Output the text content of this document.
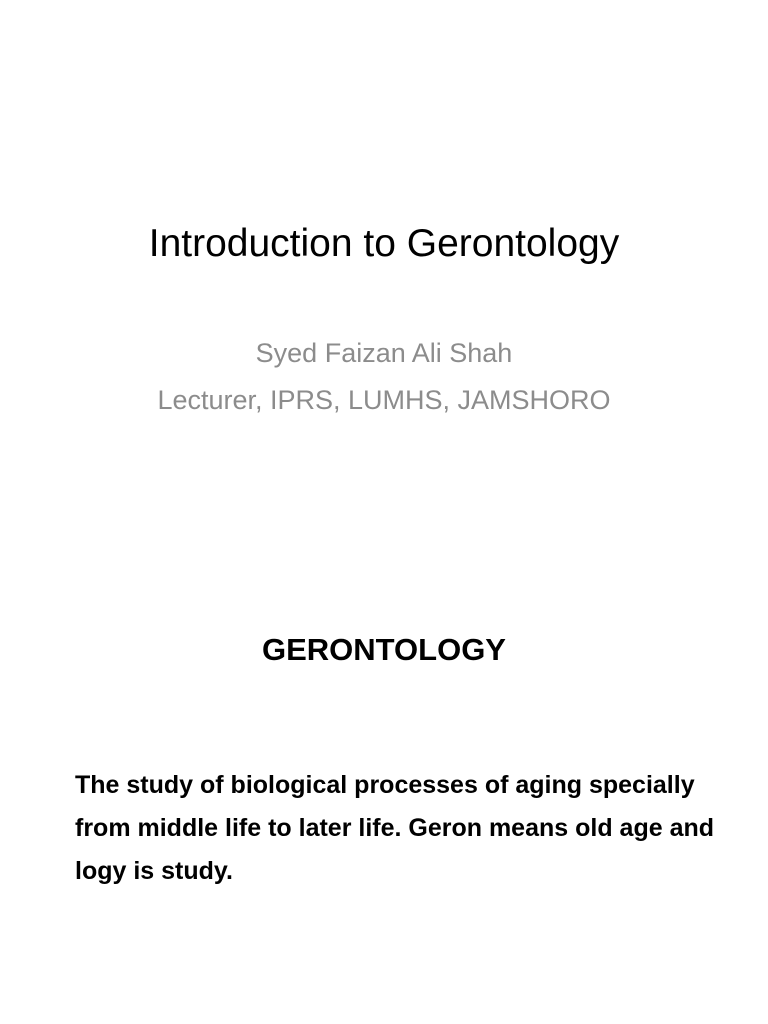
Introduction to Gerontology
Syed Faizan Ali Shah
Lecturer, IPRS, LUMHS, JAMSHORO
GERONTOLOGY
The study of biological processes of aging specially from middle life to later life. Geron means old age and logy is study.
